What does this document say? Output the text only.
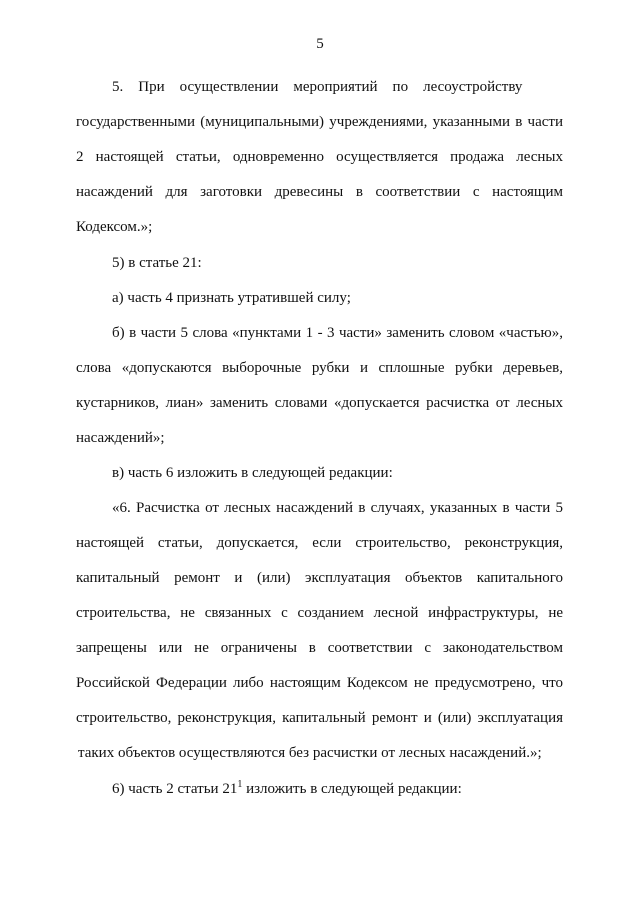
5
5.    При    осуществлении    мероприятий    по    лесоустройству
государственными (муниципальными) учреждениями, указанными в части
2 настоящей статьи, одновременно осуществляется продажа лесных
насаждений для заготовки древесины в соответствии с настоящим
Кодексом.»;
5) в статье 21:
а) часть 4 признать утратившей силу;
б) в части 5 слова «пунктами 1 - 3 части» заменить словом «частью»,
слова «допускаются выборочные рубки и сплошные рубки деревьев,
кустарников, лиан» заменить словами «допускается расчистка от лесных
насаждений»;
в) часть 6 изложить в следующей редакции:
«6. Расчистка от лесных насаждений в случаях, указанных в части 5
настоящей статьи, допускается, если строительство, реконструкция,
капитальный ремонт и (или) эксплуатация объектов капитального
строительства, не связанных с созданием лесной инфраструктуры, не
запрещены или не ограничены в соответствии с законодательством
Российской Федерации либо настоящим Кодексом не предусмотрено, что
строительство, реконструкция, капитальный ремонт и (или) эксплуатация
таких объектов осуществляются без расчистки от лесных насаждений.»;
6) часть 2 статьи $21^1$ изложить в следующей редакции:
